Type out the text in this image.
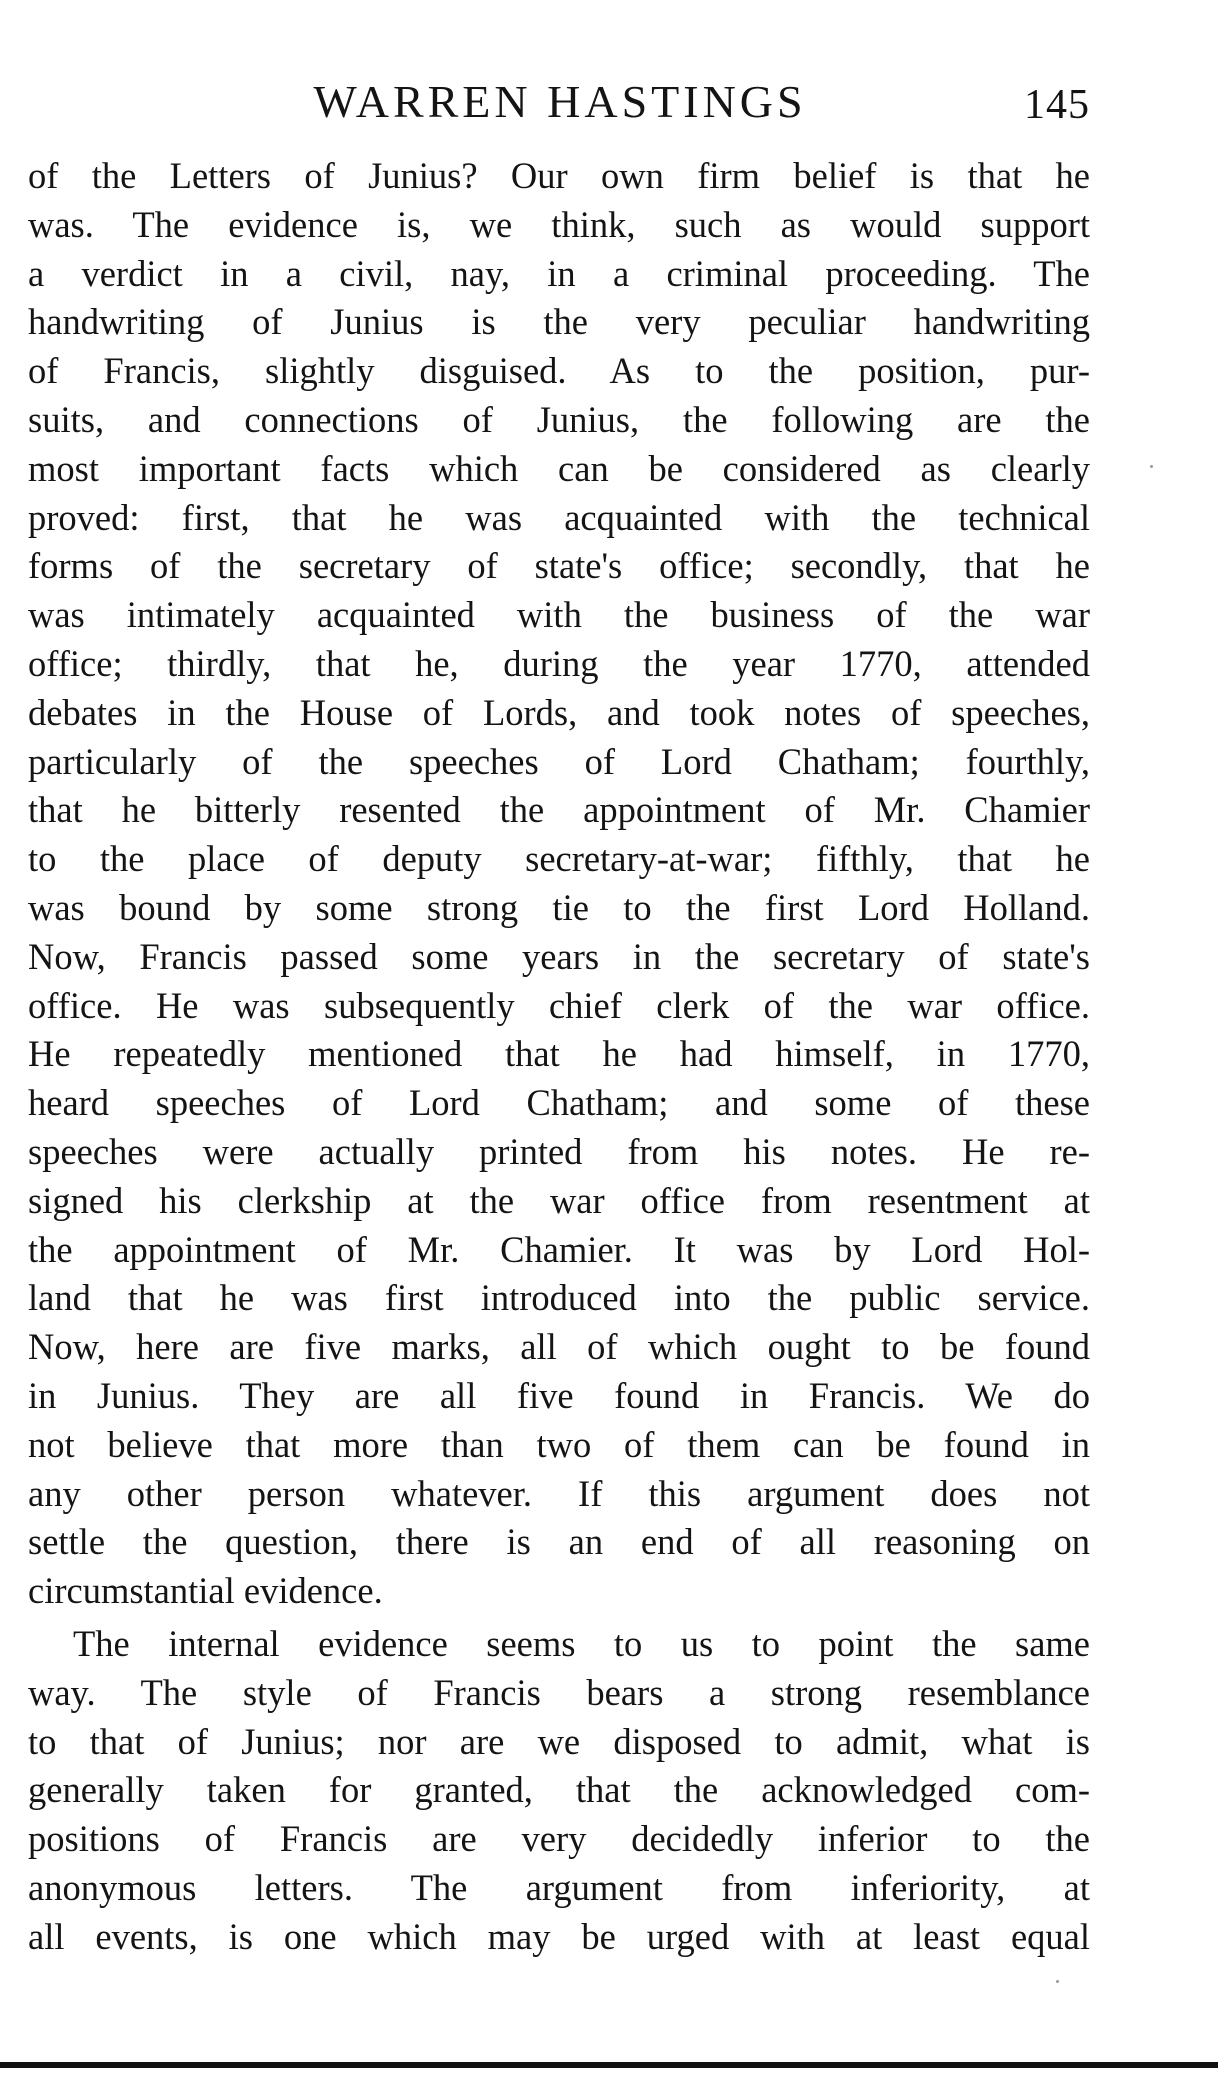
WARREN HASTINGS	145
of the Letters of Junius? Our own firm belief is that he
was. The evidence is, we think, such as would support
a verdict in a civil, nay, in a criminal proceeding. The
handwriting of Junius is the very peculiar handwriting
of Francis, slightly disguised. As to the position, pur-
suits, and connections of Junius, the following are the
most important facts which can be considered as clearly
proved: first, that he was acquainted with the technical
forms of the secretary of state's office; secondly, that he
was intimately acquainted with the business of the war
office; thirdly, that he, during the year 1770, attended
debates in the House of Lords, and took notes of speeches,
particularly of the speeches of Lord Chatham; fourthly,
that he bitterly resented the appointment of Mr. Chamier
to the place of deputy secretary-at-war; fifthly, that he
was bound by some strong tie to the first Lord Holland.
Now, Francis passed some years in the secretary of state's
office. He was subsequently chief clerk of the war office.
He repeatedly mentioned that he had himself, in 1770,
heard speeches of Lord Chatham; and some of these
speeches were actually printed from his notes. He re-
signed his clerkship at the war office from resentment at
the appointment of Mr. Chamier. It was by Lord Hol-
land that he was first introduced into the public service.
Now, here are five marks, all of which ought to be found
in Junius. They are all five found in Francis. We do
not believe that more than two of them can be found in
any other person whatever. If this argument does not
settle the question, there is an end of all reasoning on
circumstantial evidence.
The internal evidence seems to us to point the same
way. The style of Francis bears a strong resemblance
to that of Junius; nor are we disposed to admit, what is
generally taken for granted, that the acknowledged com-
positions of Francis are very decidedly inferior to the
anonymous letters. The argument from inferiority, at
all events, is one which may be urged with at least equal
